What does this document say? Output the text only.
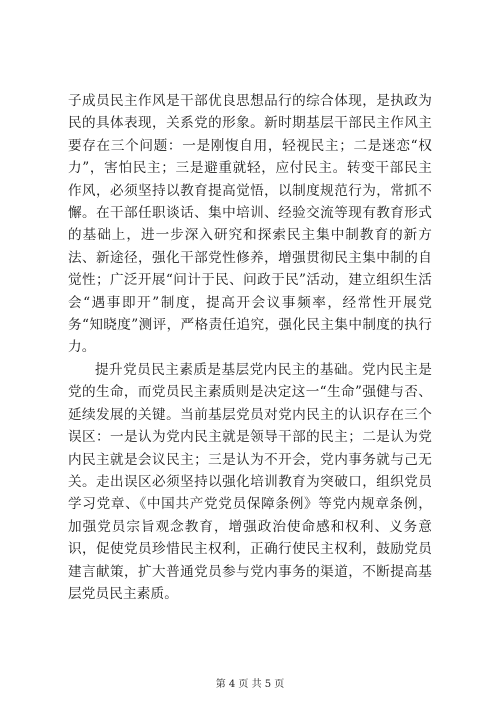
子成员民主作风是干部优良思想品行的综合体现，是执政为民的具体表现，关系党的形象。新时期基层干部民主作风主要存在三个问题：一是刚愎自用，轻视民主；二是迷恋“权力”，害怕民主；三是避重就轻，应付民主。转变干部民主作风，必须坚持以教育提高觉悟，以制度规范行为，常抓不懈。在干部任职谈话、集中培训、经验交流等现有教育形式的基础上，进一步深入研究和探索民主集中制教育的新方法、新途径，强化干部党性修养，增强贯彻民主集中制的自觉性；广泛开展“问计于民、问政于民”活动，建立组织生活会“遇事即开”制度，提高开会议事频率，经常性开展党务“知晓度”测评，严格责任追究，强化民主集中制度的执行力。

提升党员民主素质是基层党内民主的基础。党内民主是党的生命，而党员民主素质则是决定这一“生命”强健与否、延续发展的关键。当前基层党员对党内民主的认识存在三个误区：一是认为党内民主就是领导干部的民主；二是认为党内民主就是会议民主；三是认为不开会，党内事务就与己无关。走出误区必须坚持以强化培训教育为突破口，组织党员学习党章、《中国共产党党员保障条例》等党内规章条例，加强党员宗旨观念教育，增强政治使命感和权利、义务意识，促使党员珍惜民主权利，正确行使民主权利，鼓励党员建言献策，扩大普通党员参与党内事务的渠道，不断提高基层党员民主素质。

第 4 页 共 5 页
